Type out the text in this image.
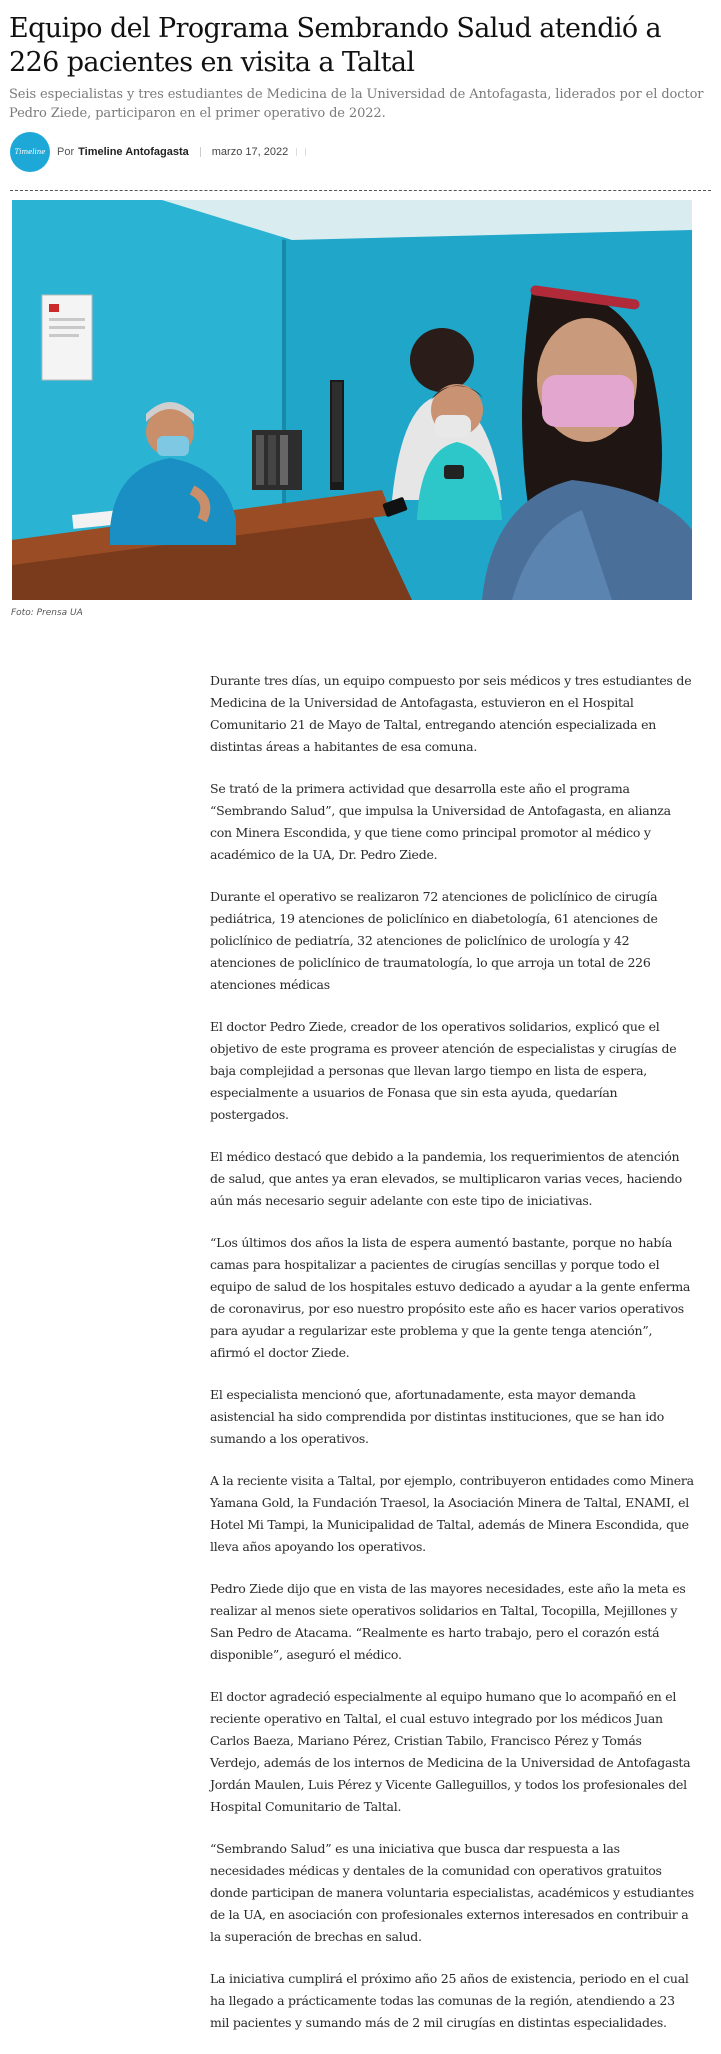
Equipo del Programa Sembrando Salud atendió a 226 pacientes en visita a Taltal

Seis especialistas y tres estudiantes de Medicina de la Universidad de Antofagasta, liderados por el doctor Pedro Ziede, participaron en el primer operativo de 2022.

Timeline Por Timeline Antofagasta marzo 17, 2022
Foto: Prensa UA

Durante tres días, un equipo compuesto por seis médicos y tres estudiantes de Medicina de la Universidad de Antofagasta, estuvieron en el Hospital Comunitario 21 de Mayo de Taltal, entregando atención especializada en distintas áreas a habitantes de esa comuna.

Se trató de la primera actividad que desarrolla este año el programa “Sembrando Salud”, que impulsa la Universidad de Antofagasta, en alianza con Minera Escondida, y que tiene como principal promotor al médico y académico de la UA, Dr. Pedro Ziede.

Durante el operativo se realizaron 72 atenciones de policlínico de cirugía pediátrica, 19 atenciones de policlínico en diabetología, 61 atenciones de policlínico de pediatría, 32 atenciones de policlínico de urología y 42 atenciones de policlínico de traumatología, lo que arroja un total de 226 atenciones médicas

El doctor Pedro Ziede, creador de los operativos solidarios, explicó que el objetivo de este programa es proveer atención de especialistas y cirugías de baja complejidad a personas que llevan largo tiempo en lista de espera, especialmente a usuarios de Fonasa que sin esta ayuda, quedarían postergados.

El médico destacó que debido a la pandemia, los requerimientos de atención de salud, que antes ya eran elevados, se multiplicaron varias veces, haciendo aún más necesario seguir adelante con este tipo de iniciativas.

“Los últimos dos años la lista de espera aumentó bastante, porque no había camas para hospitalizar a pacientes de cirugías sencillas y porque todo el equipo de salud de los hospitales estuvo dedicado a ayudar a la gente enferma de coronavirus, por eso nuestro propósito este año es hacer varios operativos para ayudar a regularizar este problema y que la gente tenga atención”, afirmó el doctor Ziede.

El especialista mencionó que, afortunadamente, esta mayor demanda asistencial ha sido comprendida por distintas instituciones, que se han ido sumando a los operativos.

A la reciente visita a Taltal, por ejemplo, contribuyeron entidades como Minera Yamana Gold, la Fundación Traesol, la Asociación Minera de Taltal, ENAMI, el Hotel Mi Tampi, la Municipalidad de Taltal, además de Minera Escondida, que lleva años apoyando los operativos.

Pedro Ziede dijo que en vista de las mayores necesidades, este año la meta es realizar al menos siete operativos solidarios en Taltal, Tocopilla, Mejillones y San Pedro de Atacama. “Realmente es harto trabajo, pero el corazón está disponible”, aseguró el médico.

El doctor agradeció especialmente al equipo humano que lo acompañó en el reciente operativo en Taltal, el cual estuvo integrado por los médicos Juan Carlos Baeza, Mariano Pérez, Cristian Tabilo, Francisco Pérez y Tomás Verdejo, además de los internos de Medicina de la Universidad de Antofagasta Jordán Maulen, Luis Pérez y Vicente Galleguillos, y todos los profesionales del Hospital Comunitario de Taltal.

“Sembrando Salud” es una iniciativa que busca dar respuesta a las necesidades médicas y dentales de la comunidad con operativos gratuitos donde participan de manera voluntaria especialistas, académicos y estudiantes de la UA, en asociación con profesionales externos interesados en contribuir a la superación de brechas en salud.

La iniciativa cumplirá el próximo año 25 años de existencia, periodo en el cual ha llegado a prácticamente todas las comunas de la región, atendiendo a 23 mil pacientes y sumando más de 2 mil cirugías en distintas especialidades.
